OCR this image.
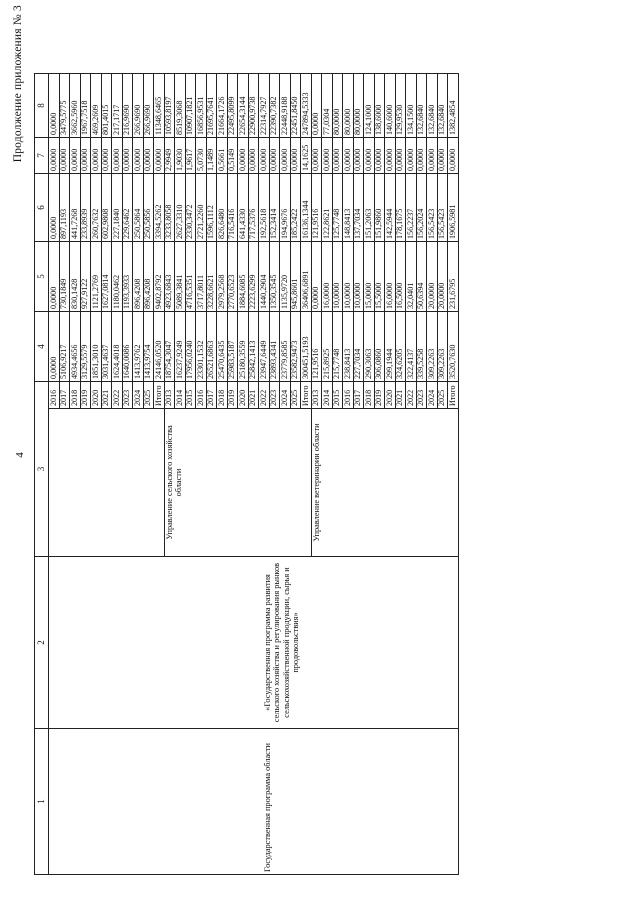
4
Продолжение приложения № 3
1	2	3		4	5	6	7	8

Государственная программа области	«Государственная программа развития сельского хозяйства и регулирования рынков сельскохозяйственной продукции, сырья и продовольствия»		2016	0,0000	0,0000	0,0000	0,0000	0,0000
			2017	5106,9217	730,1849	897,1193	0,0000	3479,5775
			2018	4934,4656	830,1428	441,7268	0,0000	3662,5960
			2019	3129,5579	927,9122	233,8939	0,0000	1967,7518
			2020	1851,3010	1121,2769	260,7632	0,0000	469,2609
			2021	3031,4637	1627,0814	602,9808	0,0000	801,4015
			2022	1624,4018	1180,0462	227,1840	0,0000	217,1717
			2023	1640,0086	1193,3933	229,6462	0,0000	216,9690
			2024	1413,9762	896,4208	250,5864	0,0000	266,9690
			2025	1413,9754	896,4208	250,5856	0,0000	266,9690
			Итого	24146,0520	9402,8792	3394,5262	0,0000	11348,6465

		Управление сельского хозяйства области	2013	18754,3047	4923,6843	3233,8058	2,9949	10593,8197
			2014	16237,9249	5089,3841	2627,3310	1,9030	8519,3068
			2015	17956,0240	4716,5351	2330,3472	1,9617	10907,1821
			2016	23301,1532	3717,8011	2721,2260	5,0730	16856,9531
			2017	26521,6863	3228,6621	1596,1112	1,1489	21695,7641
			2018	25470,6435	2979,2568	826,6480	0,5661	21664,1726
			2019	25983,5187	2770,6523	716,5416	0,5149	22495,8099
			2020	25180,3559	1884,6085	641,4330	0,0000	22654,3144
			2021	25842,1413	2223,6299	717,5376	0,0000	22900,9738
			2022	23947,6449	1440,2904	192,5618	0,0000	22314,7927
			2023	23893,4341	1350,3545	152,3414	0,0000	22390,7382
			2024	23779,8585	1135,9720	194,9676	0,0000	22448,9188
			2025	23582,9473	945,8601	185,2422	0,0000	22451,8450
			Итого	300451,5193	36406,6891	16136,1344	14,1625	247894,5333

		Управление ветеринарии области	2013	121,9516	0,0000	121,9516	0,0000	0,0000
			2014	215,8925	16,0000	122,8621	0,0000	77,0304
			2015	215,7748	10,0000	125,7748	0,0000	80,0000
			2016	238,8413	10,0000	148,8413	0,0000	80,0000
			2017	227,7034	10,0000	137,7034	0,0000	80,0000
			2018	290,3063	15,0000	151,2063	0,0000	124,1000
			2019	306,0860	15,5000	151,9860	0,0000	138,6000
			2020	299,1944	16,0000	142,5944	0,0000	140,6000
			2021	324,6205	16,5000	178,1675	0,0000	129,9530
			2022	322,4137	32,0401	156,2237	0,0000	134,1500
			2023	339,5258	50,6394	156,2024	0,0000	132,6840
			2024	309,2263	20,0000	156,5423	0,0000	132,6840
			2025	309,2263	20,0000	156,5423	0,0000	132,6840
			Итого	3520,7630	231,6795	1906,5981	0,0000	1382,4854
